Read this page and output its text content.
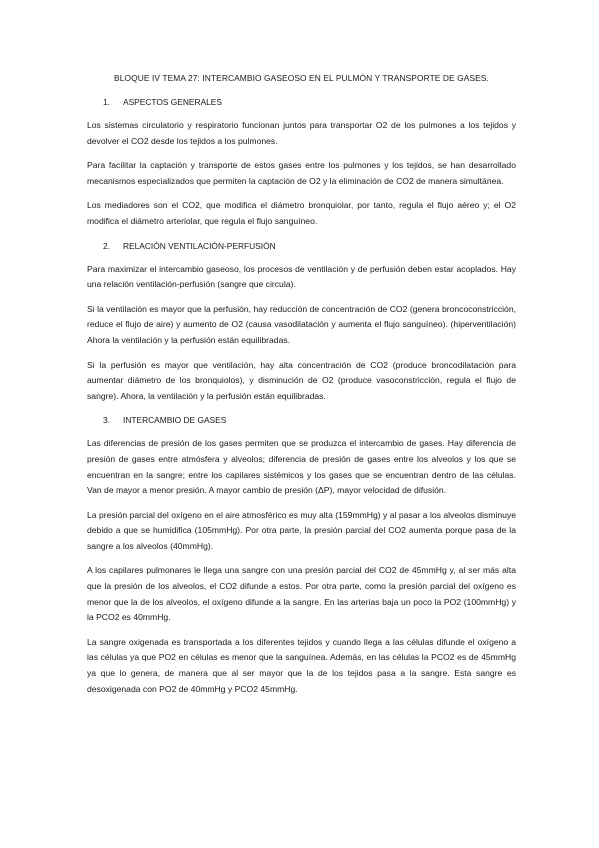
BLOQUE IV TEMA 27: INTERCAMBIO GASEOSO EN EL PULMÓN Y TRANSPORTE DE GASES.
1. ASPECTOS GENERALES

Los sistemas circulatorio y respiratorio funcionan juntos para transportar O2 de los pulmones a los tejidos y devolver el CO2 desde los tejidos a los pulmones.

Para facilitar la captación y transporte de estos gases entre los pulmones y los tejidos, se han desarrollado mecanismos especializados que permiten la captación de O2 y la eliminación de CO2 de manera simultánea.

Los mediadores son el CO2, que modifica el diámetro bronquiolar, por tanto, regula el flujo aéreo y; el O2 modifica el diámetro arteriolar, que regula el flujo sanguíneo.

2. RELACIÓN VENTILACIÓN-PERFUSIÓN

Para maximizar el intercambio gaseoso, los procesos de ventilación y de perfusión deben estar acoplados. Hay una relación ventilación-perfusión (sangre que circula).

Si la ventilación es mayor que la perfusión, hay reducción de concentración de CO2 (genera broncoconstricción, reduce el flujo de aire) y aumento de O2 (causa vasodilatación y aumenta el flujo sanguíneo). (hiperventilación) Ahora la ventilación y la perfusión están equilibradas.

Si la perfusión es mayor que ventilación, hay alta concentración de CO2 (produce broncodilatación para aumentar diámetro de los bronquiolos), y disminución de O2 (produce vasoconstricción, regula el flujo de sangre). Ahora, la ventilación y la perfusión están equilibradas.

3. INTERCAMBIO DE GASES

Las diferencias de presión de los gases permiten que se produzca el intercambio de gases. Hay diferencia de presión de gases entre atmósfera y alveolos; diferencia de presión de gases entre los alveolos y los que se encuentran en la sangre; entre los capilares sistémicos y los gases que se encuentran dentro de las células. Van de mayor a menor presión. A mayor cambio de presión (ΔP), mayor velocidad de difusión.

La presión parcial del oxígeno en el aire atmosférico es muy alta (159mmHg) y al pasar a los alveolos disminuye debido a que se humidifica (105mmHg). Por otra parte, la presión parcial del CO2 aumenta porque pasa de la sangre a los alveolos (40mmHg).

A los capilares pulmonares le llega una sangre con una presión parcial del CO2 de 45mmHg y, al ser más alta que la presión de los alveolos, el CO2 difunde a estos. Por otra parte, como la presión parcial del oxígeno es menor que la de los alveolos, el oxígeno difunde a la sangre. En las arterias baja un poco la PO2 (100mmHg) y la PCO2 es 40mmHg.

La sangre oxigenada es transportada a los diferentes tejidos y cuando llega a las células difunde el oxígeno a las células ya que PO2 en células es menor que la sanguínea. Además, en las células la PCO2 es de 45mmHg ya que lo genera, de manera que al ser mayor que la de los tejidos pasa a la sangre. Esta sangre es desoxigenada con PO2 de 40mmHg y PCO2 45mmHg.
